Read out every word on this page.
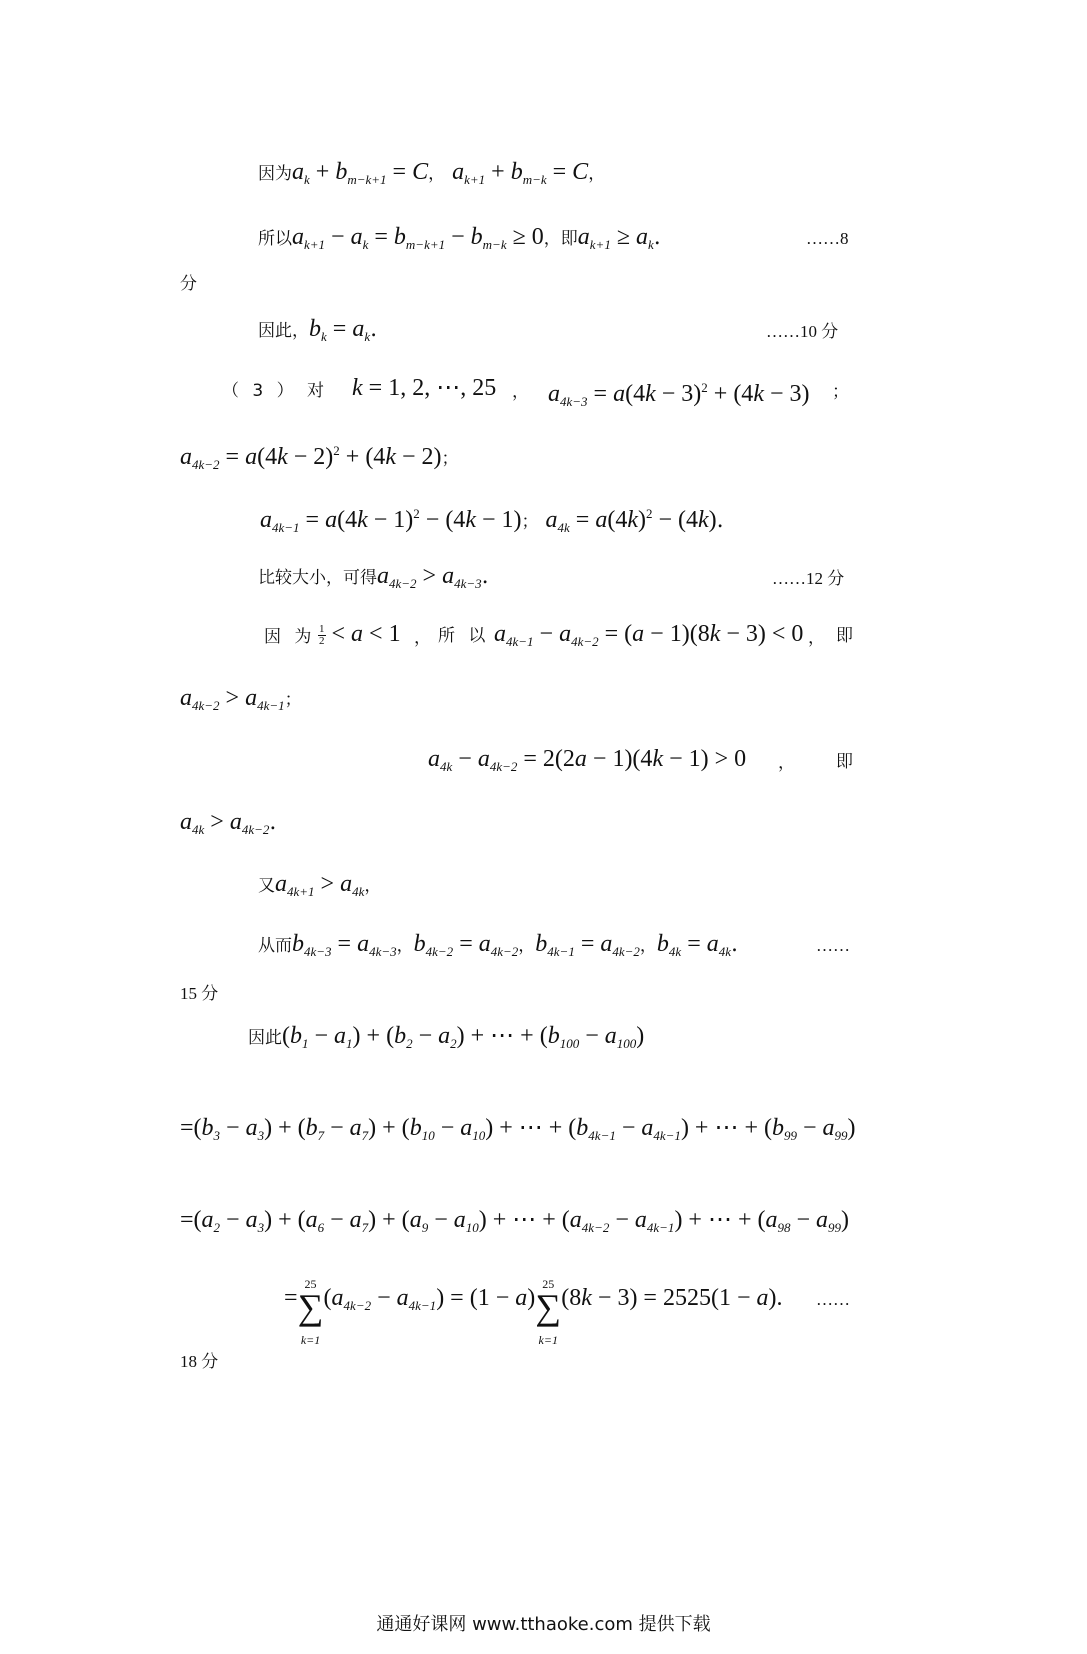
因为$a_k + b_{m-k+1} = C$， $a_{k+1} + b_{m-k} = C$，
所以$a_{k+1} - a_k = b_{m-k+1} - b_{m-k} \ge 0$，即$a_{k+1} \ge a_k$.	……8
分
因此，$b_k = a_k$.	……10 分
（ 3 ） 对 k = 1, 2, ⋯, 25 ， $a_{4k-3} = a(4k - 3)^2 + (4k - 3)$ ；
$a_{4k-2} = a(4k - 2)^2 + (4k - 2)$；
$a_{4k-1} = a(4k - 1)^2 - (4k - 1)$； $a_{4k} = a(4k)^2 - (4k)$.
比较大小，可得$a_{4k-2} > a_{4k-3}$.	……12 分
因 为 $\frac{1}{2} < a < 1$ ， 所 以 $a_{4k-1} - a_{4k-2} = (a - 1)(8k - 3) < 0$ ， 即
$a_{4k-2} > a_{4k-1}$；
$a_{4k} - a_{4k-2} = 2(2a - 1)(4k - 1) > 0$ ， 即
$a_{4k} > a_{4k-2}$.
又$a_{4k+1} > a_{4k}$，
从而$b_{4k-3} = a_{4k-3}$，$b_{4k-2} = a_{4k-2}$，$b_{4k-1} = a_{4k-2}$，$b_{4k} = a_{4k}$.	……
15 分
因此$(b_1 - a_1) + (b_2 - a_2)$ + ⋯ + $(b_{100} - a_{100})$
$=(b_3 - a_3) + (b_7 - a_7) + (b_{10} - a_{10})$ + ⋯ + $(b_{4k-1} - a_{4k-1})$ + ⋯ + $(b_{99} - a_{99})$
$=(a_2 - a_3) + (a_6 - a_7) + (a_9 - a_{10})$ + ⋯ + $(a_{4k-2} - a_{4k-1})$ + ⋯ + $(a_{98} - a_{99})$
=
25
∑
k=1
$(a_{4k-2} - a_{4k-1}) = (1 - a)$
25
∑
k=1
(8k − 3) = 2525(1 − a). ……
18 分
通通好课网 www.tthaoke.com 提供下载
